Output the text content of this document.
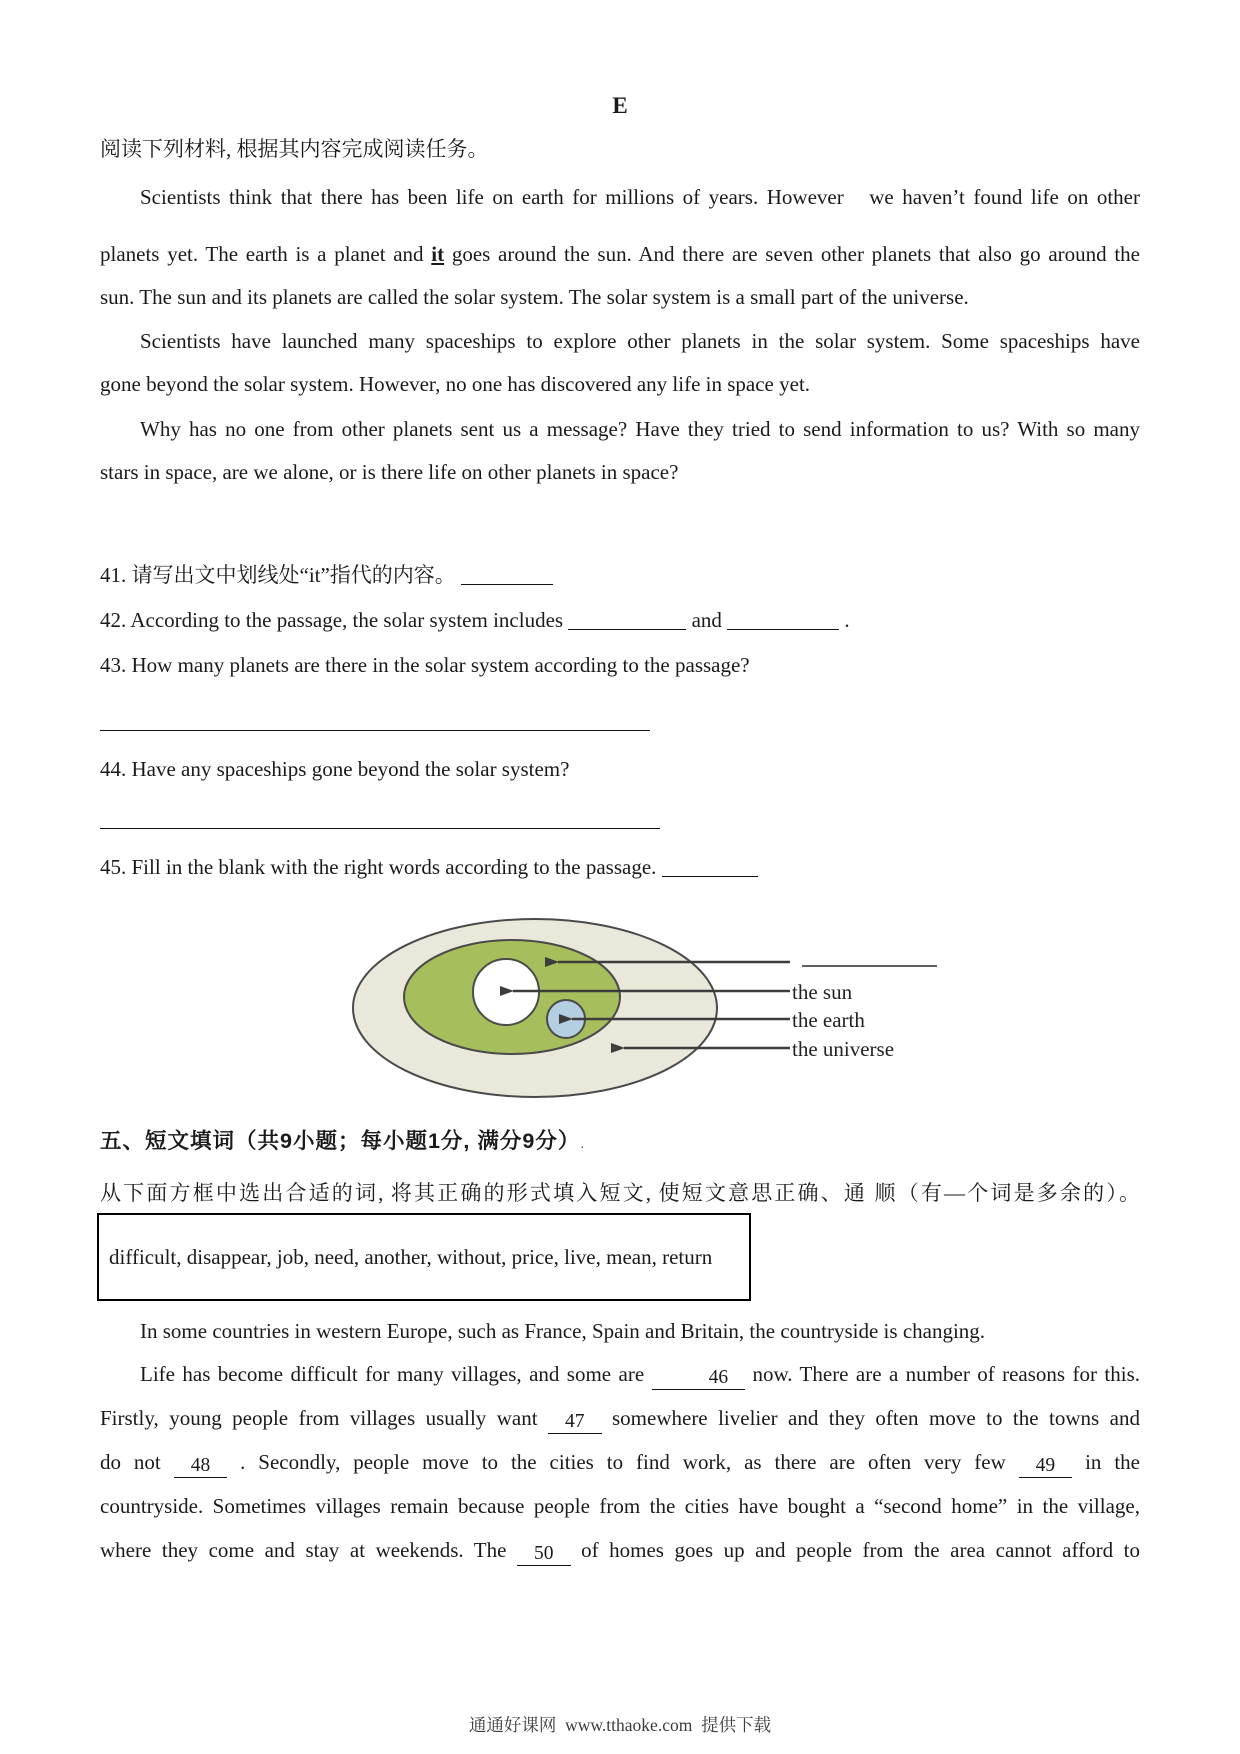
E
阅读下列材料, 根据其内容完成阅读任务。
Scientists think that there has been life on earth for millions of years. However   we haven’t found life on other
planets yet. The earth is a planet and it goes around the sun. And there are seven other planets that also go around the
sun. The sun and its planets are called the solar system. The solar system is a small part of the universe.
Scientists have launched many spaceships to explore other planets in the solar system. Some spaceships have
gone beyond the solar system. However, no one has discovered any life in space yet.
Why has no one from other planets sent us a message? Have they tried to send information to us? With so many
stars in space, are we alone, or is there life on other planets in space?
41. 请写出文中划线处“it”指代的内容。
42. According to the passage, the solar system includes	and	.
43. How many planets are there in the solar system according to the passage?
44. Have any spaceships gone beyond the solar system?
45. Fill in the blank with the right words according to the passage.
the sun
the earth
the universe
五、短文填词（共9小题；每小题1分, 满分9分）.
从下面方框中选出合适的词, 将其正确的形式填入短文, 使短文意思正确、通 顺（有—个词是多余的）。
difficult, disappear, job, need, another, without, price, live, mean, return
In some countries in western Europe, such as France, Spain and Britain, the countryside is changing.
Life has become difficult for many villages, and some are	46 now. There are a number of reasons for this.
Firstly, young people from villages usually want 47 somewhere livelier and they often move to the towns and
do not 48 . Secondly, people move to the cities to find work, as there are often very few 49 in the
countryside. Sometimes villages remain because people from the cities have bought a “second home” in the village,
where they come and stay at weekends. The 50 of homes goes up and people from the area cannot afford to
通通好课网  www.tthaoke.com  提供下载
